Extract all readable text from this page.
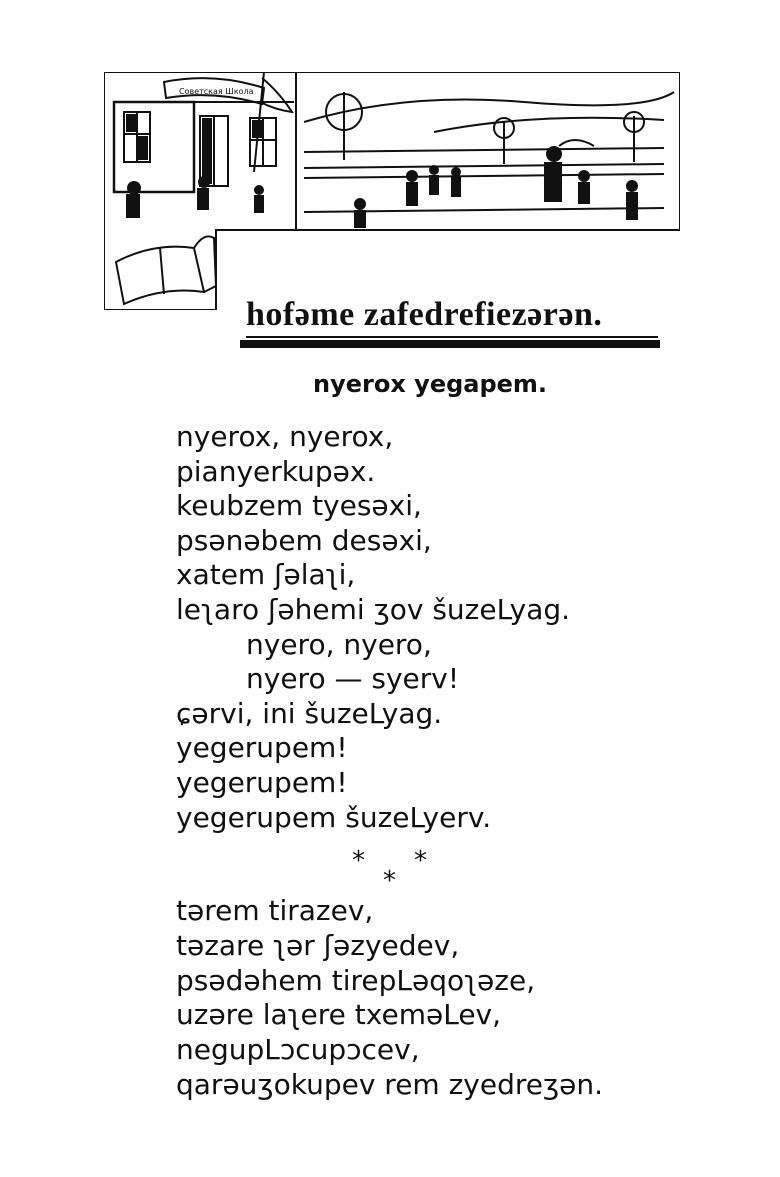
Советская Школа
hofəme zafedrefiezərən.
nyerox yegapem.
nyerox, nyerox,
pianyerkupəx.
keubzem tyesəxi,
psənəbem desəxi,
xatem ʃəlaʅi,
leʅaro ʃəhemi ʒov šuzeLyag.
nyero, nyero,
nyero — syerv!
ɕərvi, ini šuzeLyag.
yegerupem!
yegerupem!
yegerupem šuzeLyerv.
* *
*
tərem tirazev,
təzare ʅər ʃəzyedev,
psədəhem tirepLəqoʅəze,
uzəre laʅere txeməLev,
negupLɔcupɔcev,
qarəuʒokupev rem zyedreʒən.
